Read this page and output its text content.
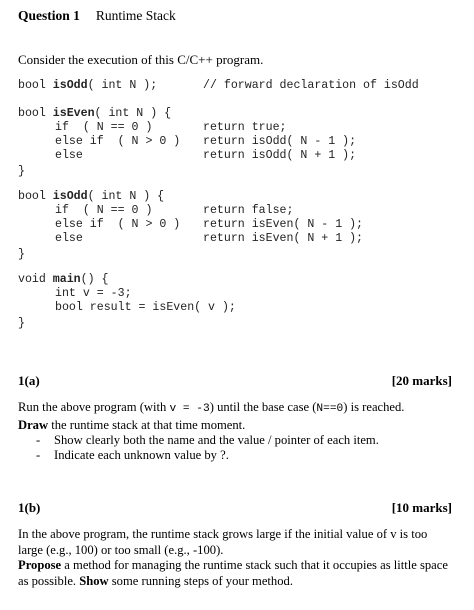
Question 1 Runtime Stack
Consider the execution of this C/C++ program.
bool isOdd( int N );	// forward declaration of isOdd
bool isEven( int N ) {
if  ( N == 0 )	return true;
else if  ( N > 0 ) return isOdd( N - 1 );
else	return isOdd( N + 1 );
}
bool isOdd( int N ) {
if  ( N == 0 )	return false;
else if  ( N > 0 ) return isEven( N - 1 );
else	return isEven( N + 1 );
}
void main() {
int v = -3;
bool result = isEven( v );
}
1(a)	[20 marks]
Run the above program (with v = -3) until the base case (N==0) is reached.
Draw the runtime stack at that time moment.
- Show clearly both the name and the value / pointer of each item.
- Indicate each unknown value by ?.
1(b)	[10 marks]
In the above program, the runtime stack grows large if the initial value of v is too large (e.g., 100) or too small (e.g., -100).
Propose a method for managing the runtime stack such that it occupies as little space as possible. Show some running steps of your method.
